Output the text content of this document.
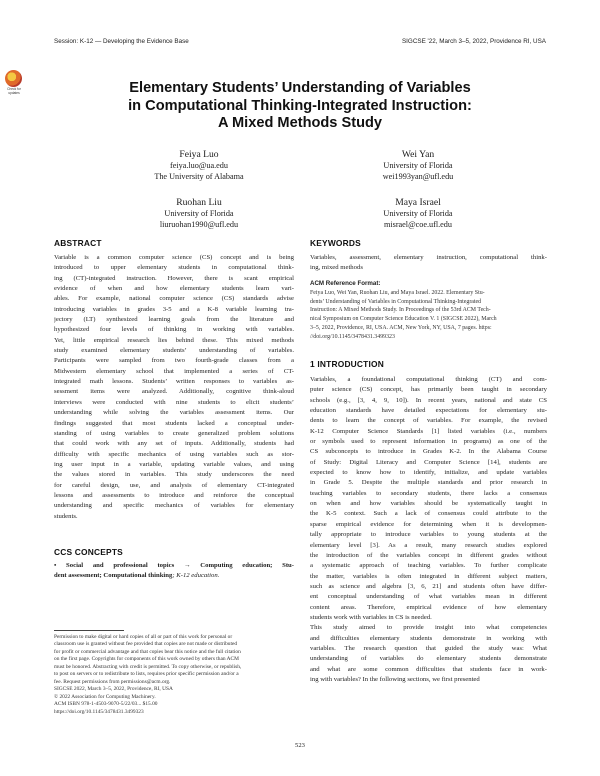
Session: K-12 — Developing the Evidence Base	SIGCSE '22, March 3–5, 2022, Providence RI, USA
Check for
updates	Elementary Students’ Understanding of Variables
in Computational Thinking-Integrated Instruction:
A Mixed Methods Study
Feiya Luo
feiya.luo@ua.edu
The University of Alabama
Wei Yan
University of Florida
wei1993yan@ufl.edu
Ruohan Liu
University of Florida
liuruohan1990@ufl.edu
Maya Israel
University of Florida
misrael@coe.ufl.edu
ABSTRACT
Variable is a common computer science (CS) concept and is being
introduced to upper elementary students in computational think-
ing (CT)-integrated instruction. However, there is scant empirical
evidence of when and how elementary students learn vari-
ables. For example, national computer science (CS) standards advise
introducing variables in grades 3-5 and a K-8 variable learning tra-
jectory (LT) synthesized learning goals from the literature and
hypothesized four levels of thinking in working with variables.
Yet, little empirical research lies behind these. This mixed methods
study examined elementary students’ understanding of variables.
Participants were sampled from two fourth-grade classes from a
Midwestern elementary school that implemented a series of CT-
integrated math lessons. Students’ written responses to variables as-
sessment items were analyzed. Additionally, cognitive think-aloud
interviews were conducted with nine students to elicit students’
understanding while solving the variables assessment items. Our
findings suggested that most students lacked a conceptual under-
standing of using variables to create generalized problem solutions
that could work with any set of inputs. Additionally, students had
difficulty with specific mechanics of using variables such as stor-
ing user input in a variable, updating variable values, and using
the values stored in variables. This study underscores the need
for careful design, use, and analysis of elementary CT-integrated
lessons and assessments to introduce and reinforce the conceptual
understanding and specific mechanics of variables for elementary
students.
CCS CONCEPTS
• Social and professional topics → Computing education; Stu-
dent assessment; Computational thinking; K-12 education.
Permission to make digital or hard copies of all or part of this work for personal or
classroom use is granted without fee provided that copies are not made or distributed
for profit or commercial advantage and that copies bear this notice and the full citation
on the first page. Copyrights for components of this work owned by others than ACM
must be honored. Abstracting with credit is permitted. To copy otherwise, or republish,
to post on servers or to redistribute to lists, requires prior specific permission and/or a
fee. Request permissions from permissions@acm.org.
SIGCSE 2022, March 3–5, 2022, Providence, RI, USA
© 2022 Association for Computing Machinery.
ACM ISBN 978-1-4503-9070-5/22/03... $15.00
https://doi.org/10.1145/3478431.3499323
KEYWORDS
Variables, assessment, elementary instruction, computational think-
ing, mixed methods
ACM Reference Format:
Feiya Luo, Wei Yan, Ruohan Liu, and Maya Israel. 2022. Elementary Stu-
dents’ Understanding of Variables in Computational Thinking-Integrated
Instruction: A Mixed Methods Study. In Proceedings of the 53rd ACM Tech-
nical Symposium on Computer Science Education V. 1 (SIGCSE 2022), March
3–5, 2022, Providence, RI, USA. ACM, New York, NY, USA, 7 pages. https:
//doi.org/10.1145/3478431.3499323
1 INTRODUCTION
Variables, a foundational computational thinking (CT) and com-
puter science (CS) concept, has primarily been taught in secondary
schools (e.g., [3, 4, 9, 10]). In recent years, national and state CS
education standards have detailed expectations for elementary stu-
dents to learn the concept of variables. For example, the revised
K-12 Computer Science Standards [1] listed variables (i.e., numbers
or symbols used to represent information in programs) as one of the
CS subconcepts to introduce in Grades K-2. In the Alabama Course
of Study: Digital Literacy and Computer Science [14], students are
expected to know how to identify, initialize, and update variables
in Grade 5. Despite the multiple standards and prior research in
teaching variables to secondary students, there lacks a consensus
on when and how variables should be systematically taught in
the K-5 context. Such a lack of consensus could attribute to the
sparse empirical evidence for determining when it is developmen-
tally appropriate to introduce variables to young students at the
elementary level [3]. As a result, many research studies explored
the introduction of the variables concept in different grades without
a systematic approach of teaching variables. To further complicate
the matter, variables is often integrated in different subject matters,
such as science and algebra [3, 6, 21] and students often have differ-
ent conceptual understanding of what variables mean in different
content areas. Therefore, empirical evidence of how elementary
students work with variables in CS is needed.
This study aimed to provide insight into what competencies
and difficulties elementary students demonstrate in working with
variables. The research question that guided the study was: What
understanding of variables do elementary students demonstrate
and what are some common difficulties that students face in work-
ing with variables? In the following sections, we first presented
523
